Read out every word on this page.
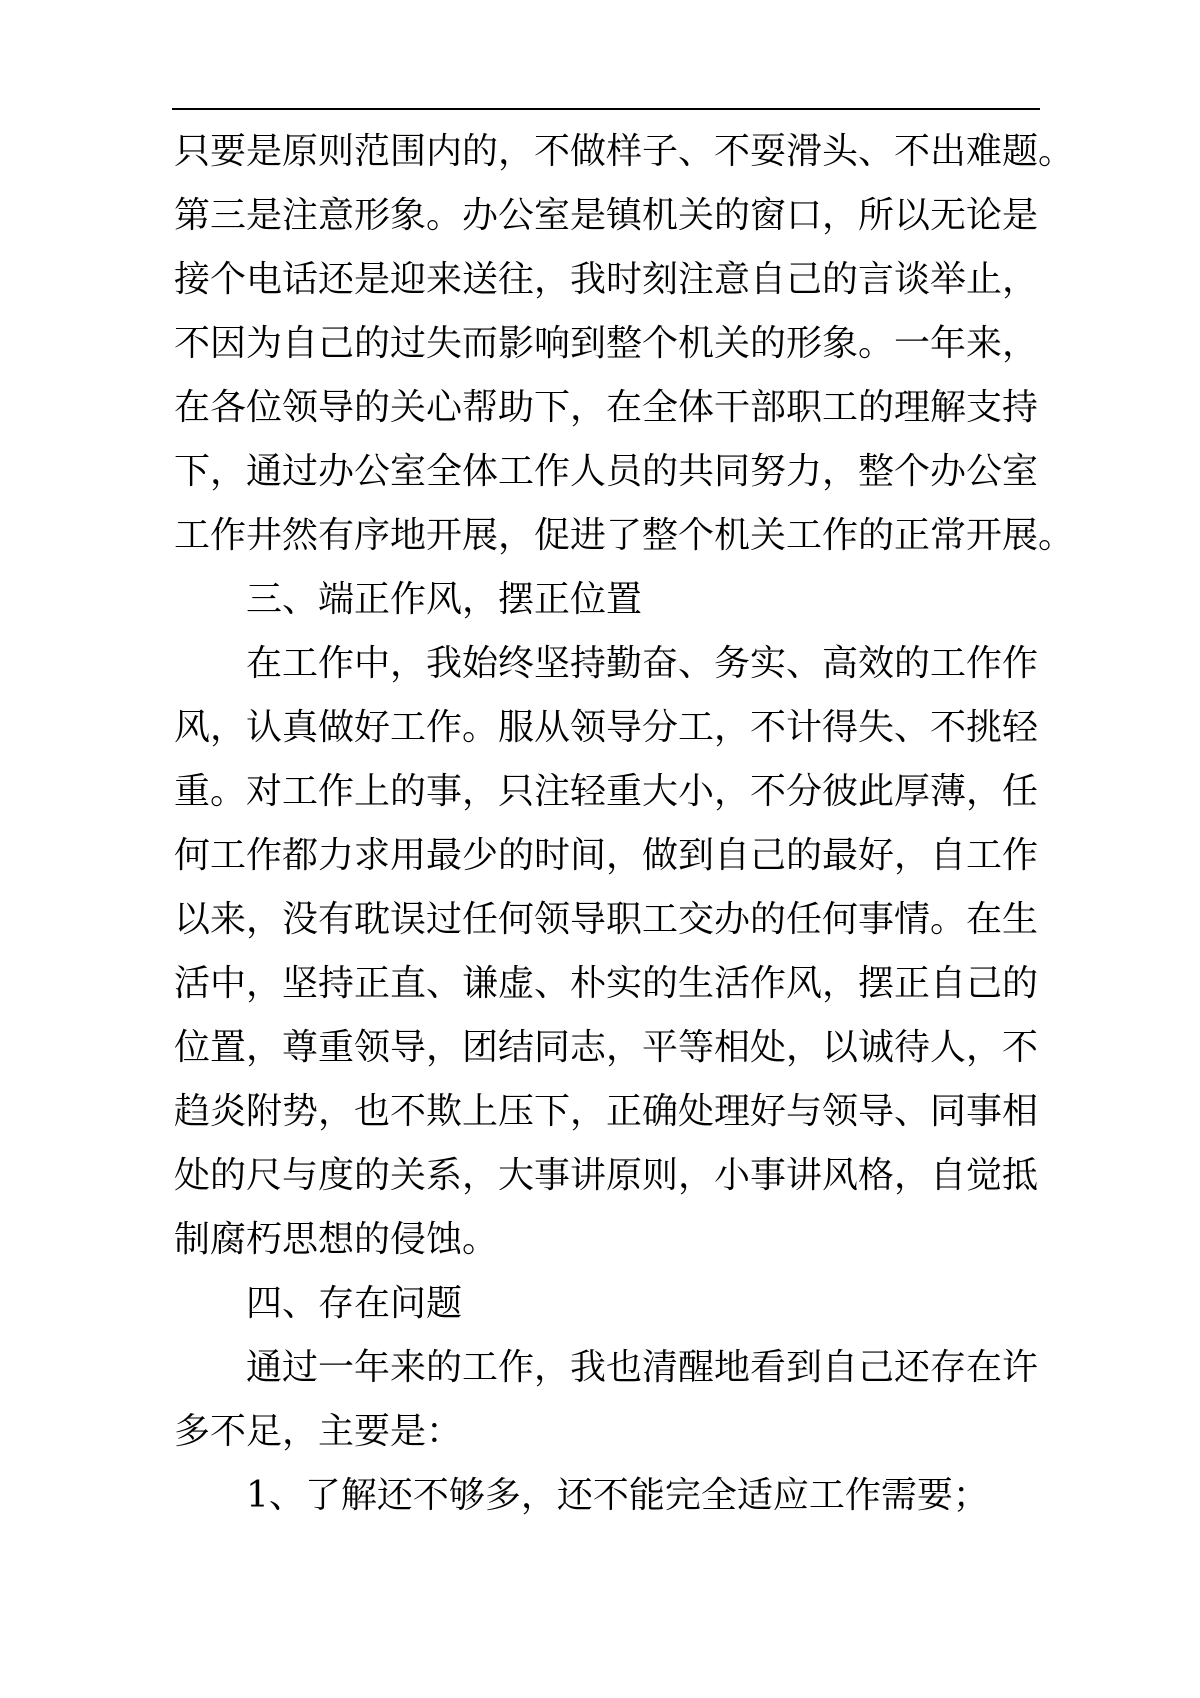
只要是原则范围内的，不做样子、不耍滑头、不出难题。
第三是注意形象。办公室是镇机关的窗口，所以无论是
接个电话还是迎来送往，我时刻注意自己的言谈举止，
不因为自己的过失而影响到整个机关的形象。一年来，
在各位领导的关心帮助下，在全体干部职工的理解支持
下，通过办公室全体工作人员的共同努力，整个办公室
工作井然有序地开展，促进了整个机关工作的正常开展。
三、端正作风，摆正位置
在工作中，我始终坚持勤奋、务实、高效的工作作
风，认真做好工作。服从领导分工，不计得失、不挑轻
重。对工作上的事，只注轻重大小，不分彼此厚薄，任
何工作都力求用最少的时间，做到自己的最好，自工作
以来，没有耽误过任何领导职工交办的任何事情。在生
活中，坚持正直、谦虚、朴实的生活作风，摆正自己的
位置，尊重领导，团结同志，平等相处，以诚待人，不
趋炎附势，也不欺上压下，正确处理好与领导、同事相
处的尺与度的关系，大事讲原则，小事讲风格，自觉抵
制腐朽思想的侵蚀。
四、存在问题
通过一年来的工作，我也清醒地看到自己还存在许
多不足，主要是：
1、了解还不够多，还不能完全适应工作需要；
